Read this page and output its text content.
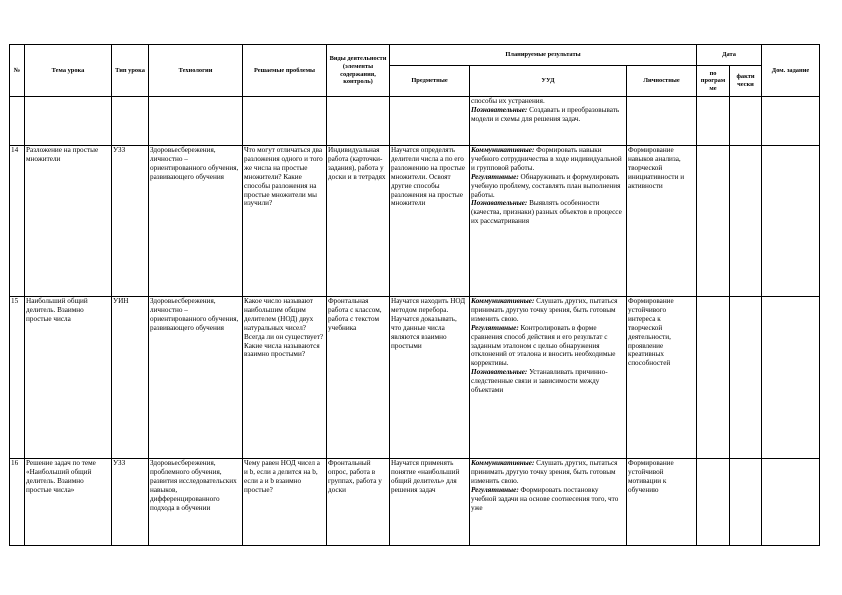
№	Тема урока	Тип урока	Технологии	Решаемые проблемы	Виды деятельности (элементы содержания, контроль)	Планируемые результаты			Дата		Дом. задание
						Предметные	УУД	Личностные	по програм ме	факти чески	

							способы их устранения.
Познавательные: Создавать и преобразовывать модели и схемы для решения задач.				

14	Разложение на простые множители	УЗЗ	Здоровьесбережения, личностно – ориентированного обучения, развивающего обучения	Что могут отличаться два разложения одного и того же числа на простые множители? Какие способы разложения на простые множители мы изучили?	Индивидуальная работа (карточки-задания), работа у доски и в тетрадях	Научатся определять делители числа а по его разложению на простые множители. Освоят другие способы разложения на простые множители	Коммуникативные: Формировать навыки учебного сотрудничества в ходе индивидуальной и групповой работы.
Регулятивные: Обнаруживать и формулировать учебную проблему, составлять план выполнения работы.
Познавательные: Выявлять особенности (качества, признаки) разных объектов в процессе их рассматривания	Формирование навыков анализа, творческой инициативности и активности			
15	Наибольший общий делитель. Взаимно простые числа	УИН	Здоровьесбережения, личностно – ориентированного обучения, развивающего обучения	Какое число называют наибольшим общим делителем (НОД) двух натуральных чисел? Всегда ли он существует? Какие числа называются взаимно простыми?	Фронтальная работа с классом, работа с текстом учебника	Научатся находить НОД методом перебора. Научатся доказывать, что данные числа являются взаимно простыми	Коммуникативные: Слушать других, пытаться принимать другую точку зрения, быть готовым изменить свою.
Регулятивные: Контролировать в форме сравнения способ действия и его результат с заданным эталоном с целью обнаружения отклонений от эталона и вносить необходимые коррективы.
Познавательные: Устанавливать причинно-следственные связи и зависимости между объектами	Формирование устойчивого интереса к творческой деятельности, проявление креативных способностей			
16	Решение задач по теме «Наибольший общий делитель. Взаимно простые числа»	УЗЗ	Здоровьесбережения, проблемного обучения, развития исследовательских навыков, дифференцированного подхода в обучении	Чему равен НОД чисел a и b, если a делится на b, если a и b взаимно простые?	Фронтальный опрос, работа в группах, работа у доски	Научатся применять понятие «наибольший общий делитель» для решения задач	Коммуникативные: Слушать других, пытаться принимать другую точку зрения, быть готовым изменить свою.
Регулятивные: Формировать постановку учебной задачи на основе соотнесения того, что уже	Формирование устойчивой мотивации к обучению			
